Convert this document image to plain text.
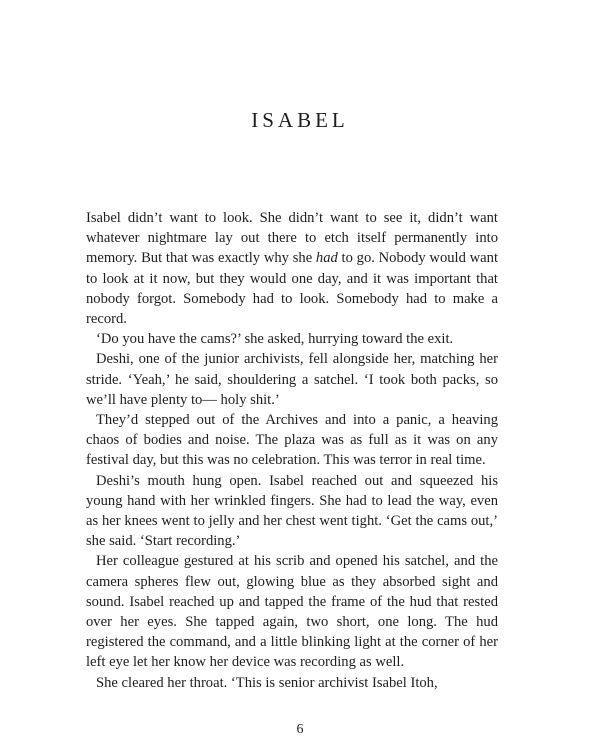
ISABEL

Isabel didn’t want to look. She didn’t want to see it, didn’t want whatever nightmare lay out there to etch itself permanently into memory. But that was exactly why she had to go. Nobody would want to look at it now, but they would one day, and it was important that nobody forgot. Somebody had to look. Somebody had to make a record.

‘Do you have the cams?’ she asked, hurrying toward the exit.

Deshi, one of the junior archivists, fell alongside her, matching her stride. ‘Yeah,’ he said, shouldering a satchel. ‘I took both packs, so we’ll have plenty to— holy shit.’

They’d stepped out of the Archives and into a panic, a heaving chaos of bodies and noise. The plaza was as full as it was on any festival day, but this was no celebration. This was terror in real time.

Deshi’s mouth hung open. Isabel reached out and squeezed his young hand with her wrinkled fingers. She had to lead the way, even as her knees went to jelly and her chest went tight. ‘Get the cams out,’ she said. ‘Start recording.’

Her colleague gestured at his scrib and opened his satchel, and the camera spheres flew out, glowing blue as they absorbed sight and sound. Isabel reached up and tapped the frame of the hud that rested over her eyes. She tapped again, two short, one long. The hud registered the command, and a little blinking light at the corner of her left eye let her know her device was recording as well.

She cleared her throat. ‘This is senior archivist Isabel Itoh,

6
